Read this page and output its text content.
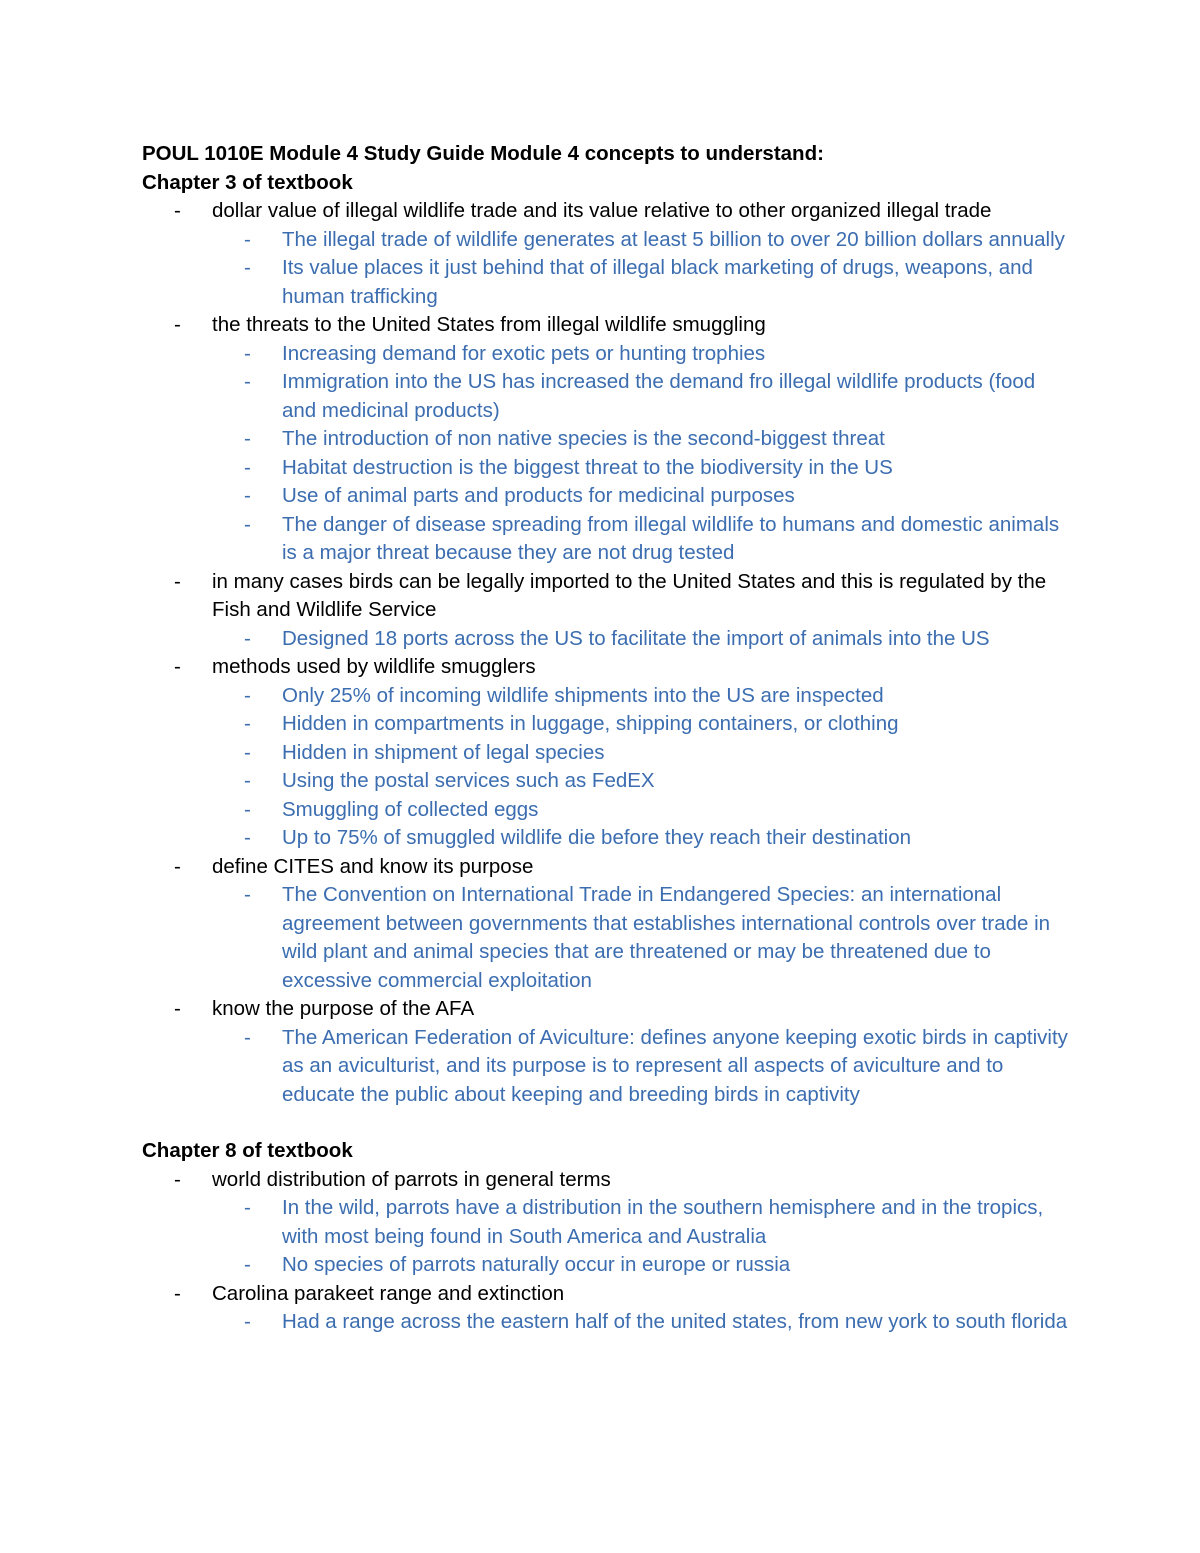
POUL 1010E Module 4 Study Guide Module 4 concepts to understand:
Chapter 3 of textbook
-	dollar value of illegal wildlife trade and its value relative to other organized illegal trade
-	The illegal trade of wildlife generates at least 5 billion to over 20 billion dollars annually
-	Its value places it just behind that of illegal black marketing of drugs, weapons, and human trafficking
-	the threats to the United States from illegal wildlife smuggling
-	Increasing demand for exotic pets or hunting trophies
-	Immigration into the US has increased the demand fro illegal wildlife products (food and medicinal products)
-	The introduction of non native species is the second-biggest threat
-	Habitat destruction is the biggest threat to the biodiversity in the US
-	Use of animal parts and products for medicinal purposes
-	The danger of disease spreading from illegal wildlife to humans and domestic animals is a major threat because they are not drug tested
-	in many cases birds can be legally imported to the United States and this is regulated by the Fish and Wildlife Service
-	Designed 18 ports across the US to facilitate the import of animals into the US
-	methods used by wildlife smugglers
-	Only 25% of incoming wildlife shipments into the US are inspected
-	Hidden in compartments in luggage, shipping containers, or clothing
-	Hidden in shipment of legal species
-	Using the postal services such as FedEX
-	Smuggling of collected eggs
-	Up to 75% of smuggled wildlife die before they reach their destination
-	define CITES and know its purpose
-	The Convention on International Trade in Endangered Species: an international agreement between governments that establishes international controls over trade in wild plant and animal species that are threatened or may be threatened due to excessive commercial exploitation
-	know the purpose of the AFA
-	The American Federation of Aviculture: defines anyone keeping exotic birds in captivity as an aviculturist, and its purpose is to represent all aspects of aviculture and to educate the public about keeping and breeding birds in captivity
Chapter 8 of textbook
-	world distribution of parrots in general terms
-	In the wild, parrots have a distribution in the southern hemisphere and in the tropics, with most being found in South America and Australia
-	No species of parrots naturally occur in europe or russia
-	Carolina parakeet range and extinction
-	Had a range across the eastern half of the united states, from new york to south florida
